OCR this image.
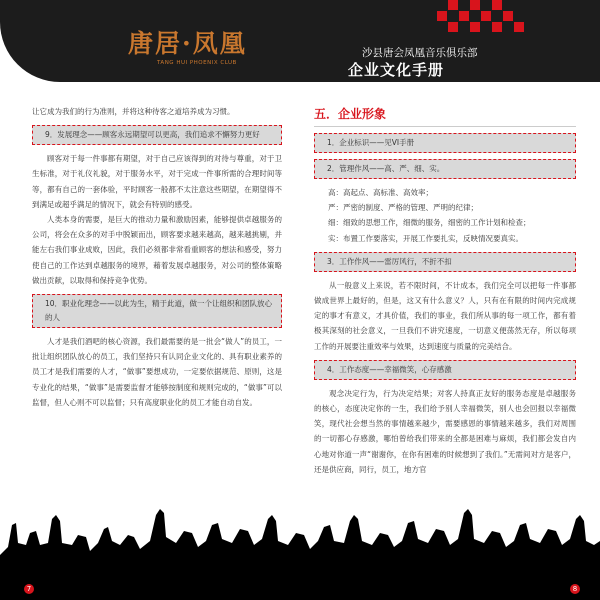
唐居·凤凰
TANG HUI PHOENIX CLUB
沙县唐会凤凰音乐俱乐部
企业文化手册

让它成为我们的行为准则，并将这种待客之道培养成为习惯。

9．发展理念——顾客永远期望可以更高，我们追求不懈努力更好

顾客对于每一件事都有期望，对于自己应该得到的对待与尊重，对于卫生标准，对于礼仪礼貌，对于服务水平，对于完成一件事所需的合理时间等等，都有自己的一套体验，平时顾客一般都不太注意这些期望，在期望得不到满足或超乎满足的情况下，就会有特别的感受。

人类本身的需要，是巨大的推动力量和激励因素，能够提供卓越服务的公司，将会在众多的对手中脱颖而出，顾客要求越来越高，越来越挑剔，并能左右我们事业成败，因此，我们必须都非常看重顾客的想法和感受，努力使自己的工作达到卓越服务的境界，藉着发展卓越服务，对公司的整体策略做出贡献，以取得和保持竞争优势。

10．职业化理念——以此为生，精于此道，做一个让组织和团队放心的人

人才是我们酒吧的核心资源，我们最需要的是一批会“做人”的员工，一批让组织团队放心的员工，我们坚持只有认同企业文化的、具有职业素养的员工才是我们需要的人才，“做事”要想成功，一定要依据规范、原则，这是专业化的结果，“做事”是需要监督才能够按制度和规则完成的，“做事”可以监督，但人心则不可以监督；只有高度职业化的员工才能自动自发。

五．企业形象
1．企业标识——见VI手册
2．管理作风——高、严、细、实。
高：高起点、高标准、高效率；
严：严密的制度、严格的管理、严明的纪律；
细：细致的思想工作，细微的服务，细密的工作计划和检查；
实：布置工作要落实，开展工作要扎实，反映情况要真实。
3．工作作风——雷厉风行，不折不扣

从一般意义上来说，若不限时间，不计成本，我们完全可以把每一件事都做成世界上最好的，但是，这又有什么意义？人，只有在有限的时间内完成规定的事才有意义，才具价值，我们的事业，我们所从事的每一项工作，都有着极其深刻的社会意义，一旦我们不讲究速度，一切意义便荡然无存，所以每项工作的开展要注重效率与效果，达到速度与质量的完美结合。

4．工作态度——幸福微笑，心存感激

观念决定行为，行为决定结果；对客人持真正友好的服务态度是卓越服务的核心，态度决定你的一生，我们给予别人幸福微笑，别人也会回报以幸福微笑，现代社会想当然的事情越来越少，需要感恩的事情越来越多，我们对周围的一切都心存感激，哪怕曾给我们带来的全都是困难与麻烦，我们都会发自内心地对你道一声“谢谢你，在你有困难的时候想到了我们。”无需间对方是客户，还是供应商，同行，员工，地方官

7	8
